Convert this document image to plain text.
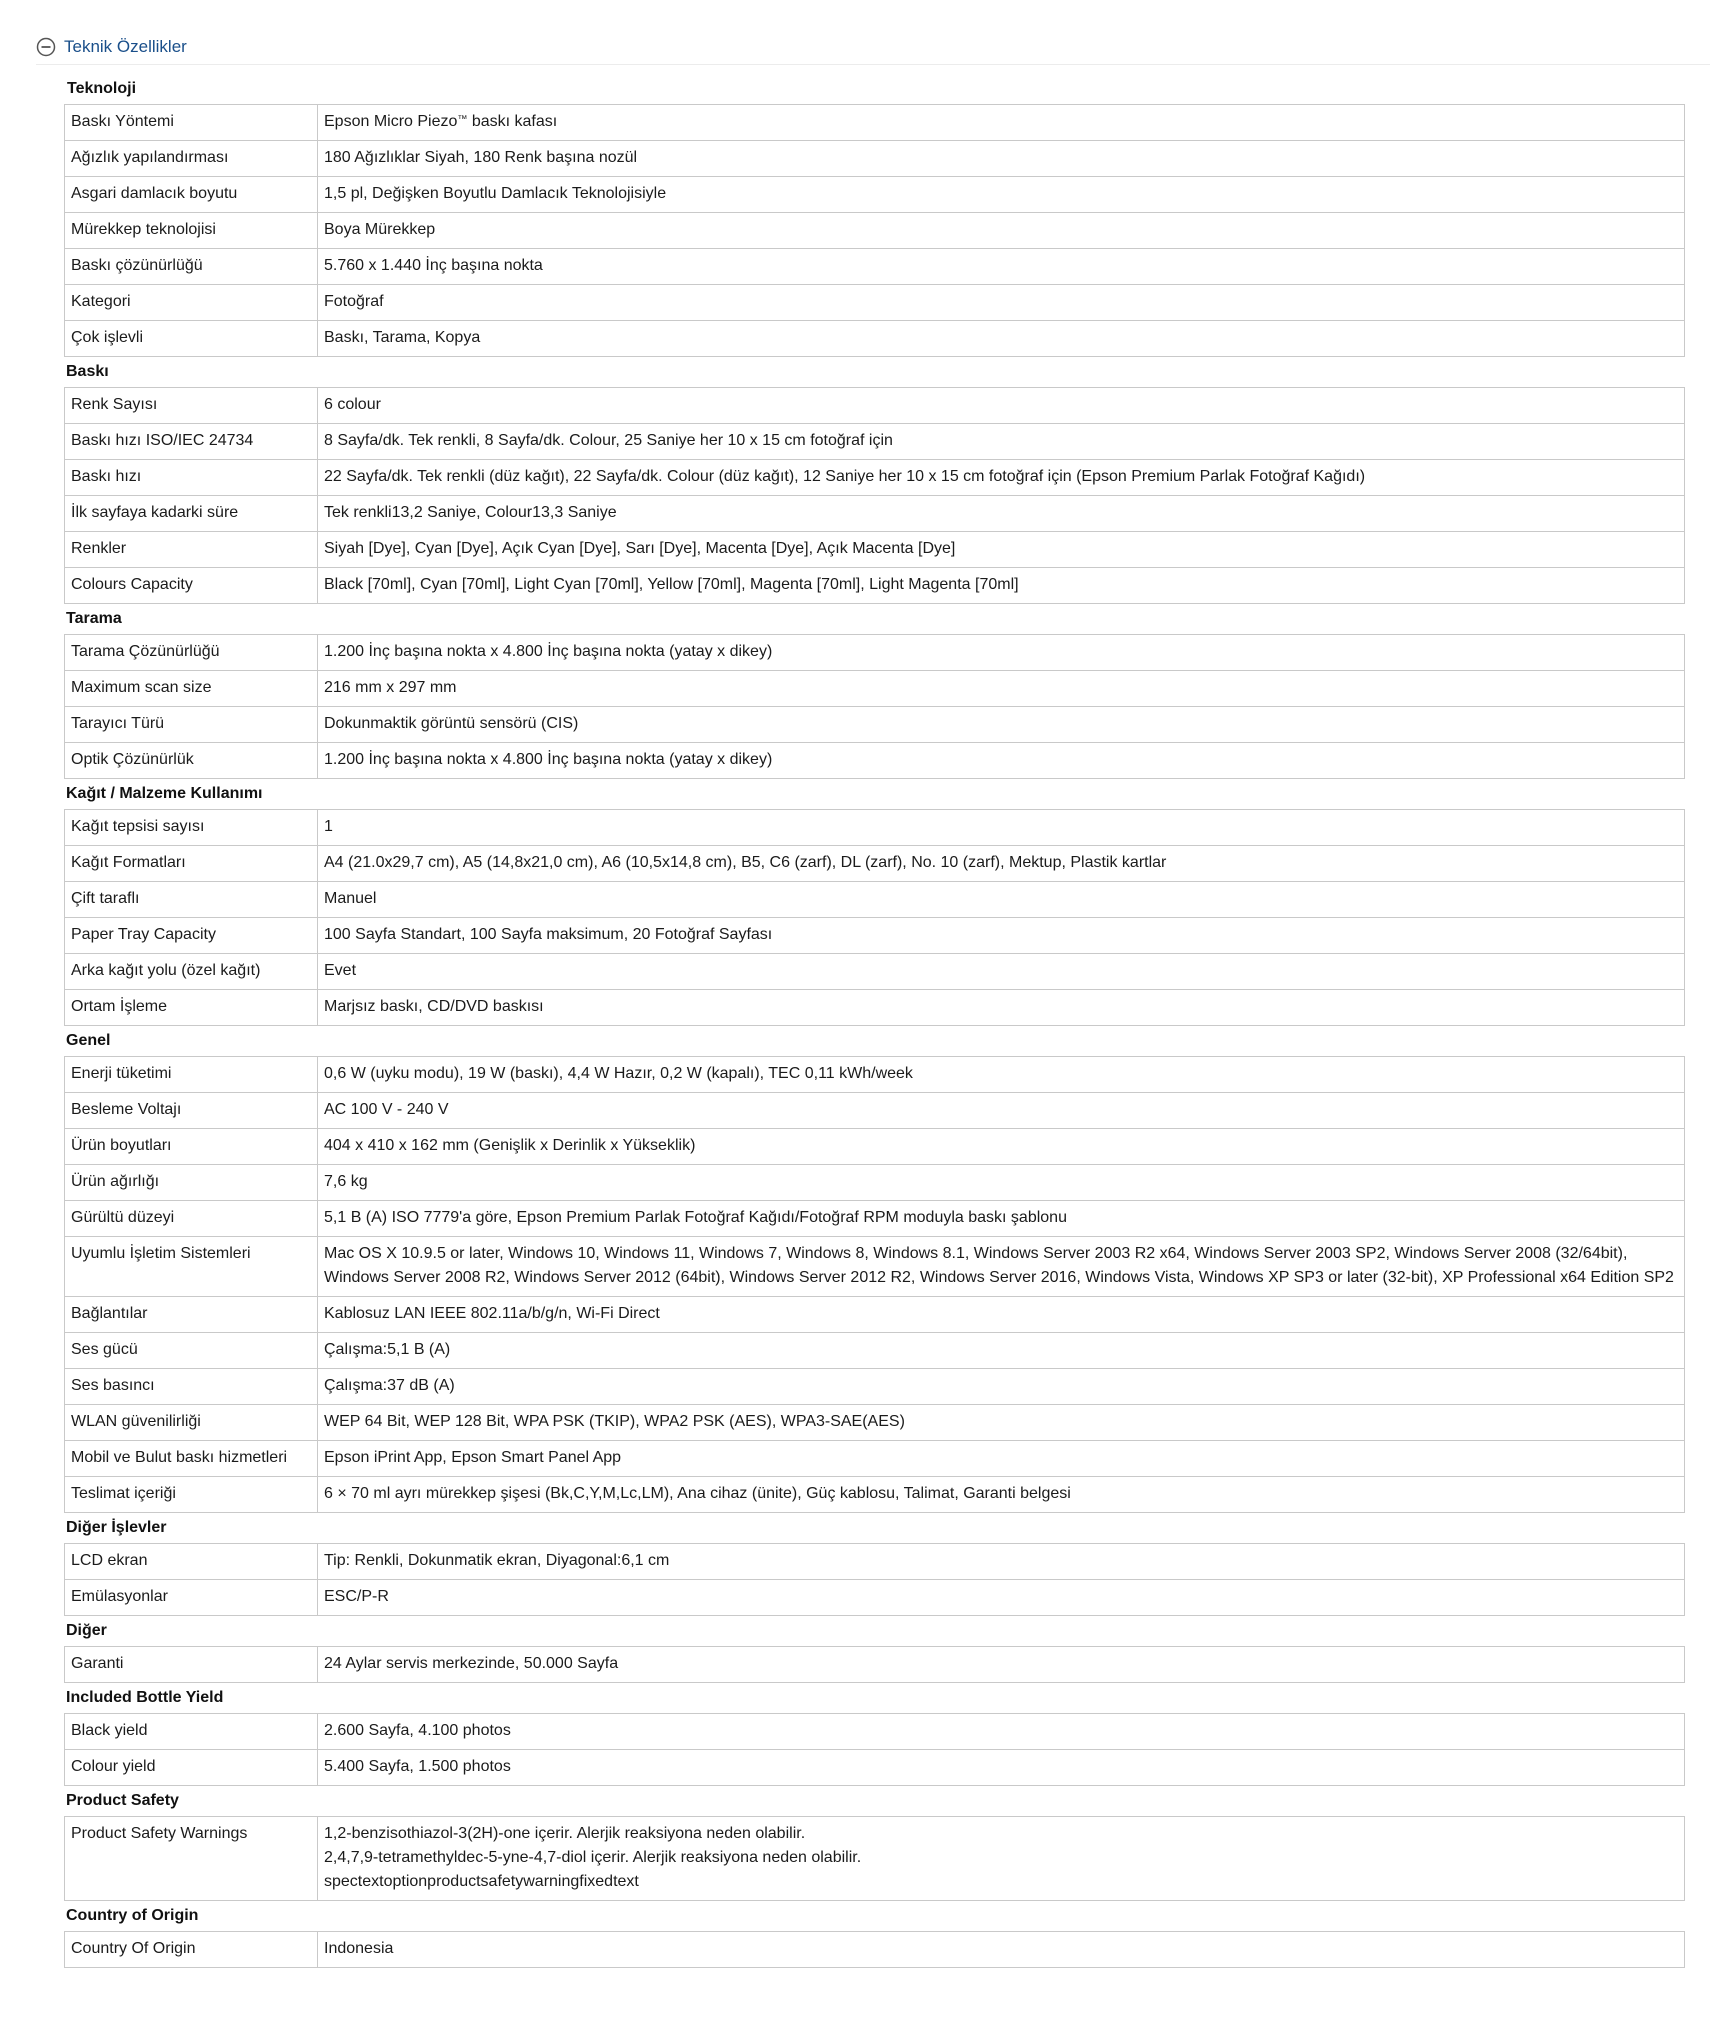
Teknik Özellikler
Teknoloji
Baskı Yöntemi	Epson Micro Piezo™ baskı kafası
Ağızlık yapılandırması	180 Ağızlıklar Siyah, 180 Renk başına nozül
Asgari damlacık boyutu	1,5 pl, Değişken Boyutlu Damlacık Teknolojisiyle
Mürekkep teknolojisi	Boya Mürekkep
Baskı çözünürlüğü	5.760 x 1.440 İnç başına nokta
Kategori	Fotoğraf
Çok işlevli	Baskı, Tarama, Kopya
Baskı
Renk Sayısı	6 colour
Baskı hızı ISO/IEC 24734	8 Sayfa/dk. Tek renkli, 8 Sayfa/dk. Colour, 25 Saniye her 10 x 15 cm fotoğraf için
Baskı hızı	22 Sayfa/dk. Tek renkli (düz kağıt), 22 Sayfa/dk. Colour (düz kağıt), 12 Saniye her 10 x 15 cm fotoğraf için (Epson Premium Parlak Fotoğraf Kağıdı)
İlk sayfaya kadarki süre	Tek renkli13,2 Saniye, Colour13,3 Saniye
Renkler	Siyah [Dye], Cyan [Dye], Açık Cyan [Dye], Sarı [Dye], Macenta [Dye], Açık Macenta [Dye]
Colours Capacity	Black [70ml], Cyan [70ml], Light Cyan [70ml], Yellow [70ml], Magenta [70ml], Light Magenta [70ml]
Tarama
Tarama Çözünürlüğü	1.200 İnç başına nokta x 4.800 İnç başına nokta (yatay x dikey)
Maximum scan size	216 mm x 297 mm
Tarayıcı Türü	Dokunmaktik görüntü sensörü (CIS)
Optik Çözünürlük	1.200 İnç başına nokta x 4.800 İnç başına nokta (yatay x dikey)
Kağıt / Malzeme Kullanımı
Kağıt tepsisi sayısı	1
Kağıt Formatları	A4 (21.0x29,7 cm), A5 (14,8x21,0 cm), A6 (10,5x14,8 cm), B5, C6 (zarf), DL (zarf), No. 10 (zarf), Mektup, Plastik kartlar
Çift taraflı	Manuel
Paper Tray Capacity	100 Sayfa Standart, 100 Sayfa maksimum, 20 Fotoğraf Sayfası
Arka kağıt yolu (özel kağıt)	Evet
Ortam İşleme	Marjsız baskı, CD/DVD baskısı
Genel
Enerji tüketimi	0,6 W (uyku modu), 19 W (baskı), 4,4 W Hazır, 0,2 W (kapalı), TEC 0,11 kWh/week
Besleme Voltajı	AC 100 V - 240 V
Ürün boyutları	404 x 410 x 162 mm (Genişlik x Derinlik x Yükseklik)
Ürün ağırlığı	7,6 kg
Gürültü düzeyi	5,1 B (A) ISO 7779'a göre, Epson Premium Parlak Fotoğraf Kağıdı/Fotoğraf RPM moduyla baskı şablonu
Uyumlu İşletim Sistemleri	Mac OS X 10.9.5 or later, Windows 10, Windows 11, Windows 7, Windows 8, Windows 8.1, Windows Server 2003 R2 x64, Windows Server 2003 SP2, Windows Server 2008 (32/64bit), Windows Server 2008 R2, Windows Server 2012 (64bit), Windows Server 2012 R2, Windows Server 2016, Windows Vista, Windows XP SP3 or later (32-bit), XP Professional x64 Edition SP2
Bağlantılar	Kablosuz LAN IEEE 802.11a/b/g/n, Wi-Fi Direct
Ses gücü	Çalışma:5,1 B (A)
Ses basıncı	Çalışma:37 dB (A)
WLAN güvenilirliği	WEP 64 Bit, WEP 128 Bit, WPA PSK (TKIP), WPA2 PSK (AES), WPA3-SAE(AES)
Mobil ve Bulut baskı hizmetleri	Epson iPrint App, Epson Smart Panel App
Teslimat içeriği	6 × 70 ml ayrı mürekkep şişesi (Bk,C,Y,M,Lc,LM), Ana cihaz (ünite), Güç kablosu, Talimat, Garanti belgesi
Diğer İşlevler
LCD ekran	Tip: Renkli, Dokunmatik ekran, Diyagonal:6,1 cm
Emülasyonlar	ESC/P-R
Diğer
Garanti	24 Aylar servis merkezinde, 50.000 Sayfa
Included Bottle Yield
Black yield	2.600 Sayfa, 4.100 photos
Colour yield	5.400 Sayfa, 1.500 photos
Product Safety
Product Safety Warnings	1,2-benzisothiazol-3(2H)-one içerir. Alerjik reaksiyona neden olabilir.
2,4,7,9-tetramethyldec-5-yne-4,7-diol içerir. Alerjik reaksiyona neden olabilir.
spectextoptionproductsafetywarningfixedtext
Country of Origin
Country Of Origin	Indonesia
